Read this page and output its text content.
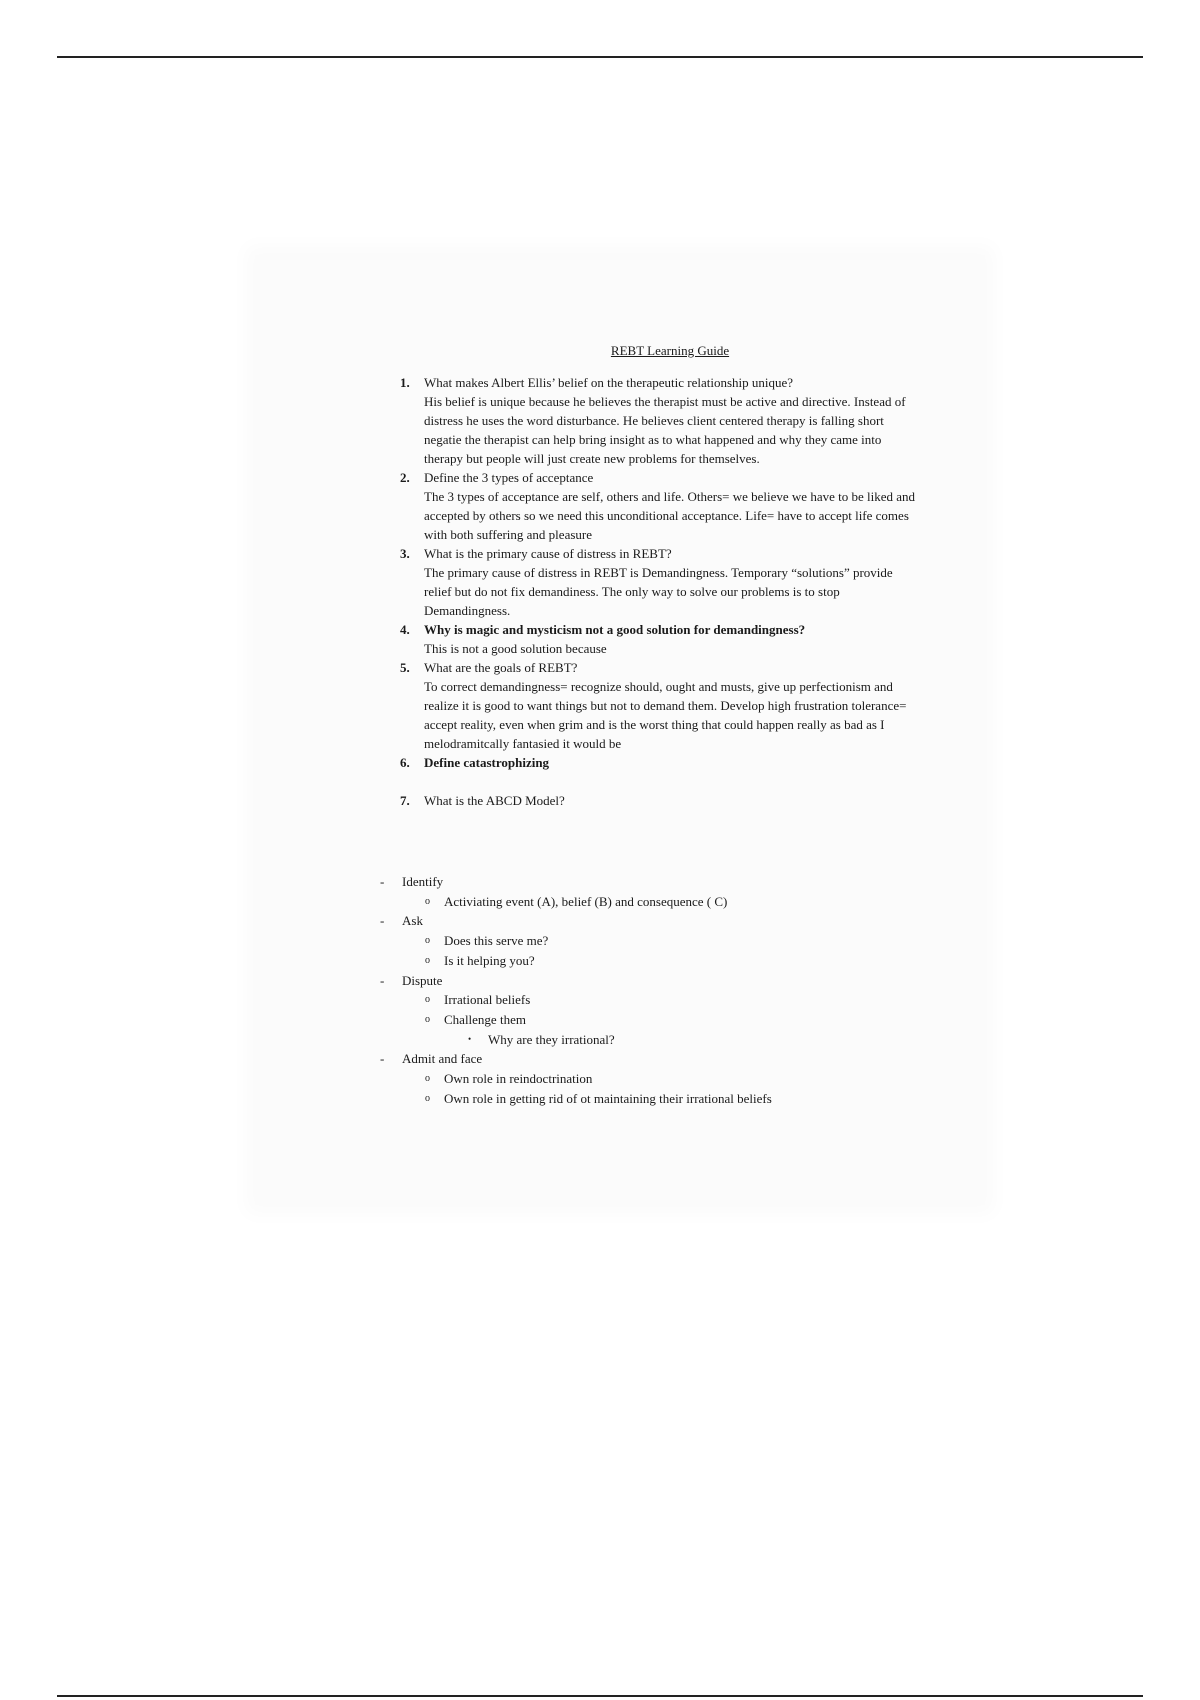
REBT Learning Guide
1. What makes Albert Ellis’ belief on the therapeutic relationship unique?
His belief is unique because he believes the therapist must be active and directive. Instead of distress he uses the word disturbance. He believes client centered therapy is falling short negatie the therapist can help bring insight as to what happened and why they came into therapy but people will just create new problems for themselves.
2. Define the 3 types of acceptance
The 3 types of acceptance are self, others and life. Others= we believe we have to be liked and accepted by others so we need this unconditional acceptance. Life= have to accept life comes with both suffering and pleasure
3. What is the primary cause of distress in REBT?
The primary cause of distress in REBT is Demandingness. Temporary “solutions” provide relief but do not fix demandiness. The only way to solve our problems is to stop Demandingness.
4. Why is magic and mysticism not a good solution for demandingness?
This is not a good solution because
5. What are the goals of REBT?
To correct demandingness= recognize should, ought and musts, give up perfectionism and realize it is good to want things but not to demand them. Develop high frustration tolerance= accept reality, even when grim and is the worst thing that could happen really as bad as I melodramitcally fantasied it would be
6. Define catastrophizing
7. What is the ABCD Model?
- Identify
o Activiating event (A), belief (B) and consequence ( C)
- Ask
o Does this serve me?
o Is it helping you?
- Dispute
o Irrational beliefs
o Challenge them
• Why are they irrational?
- Admit and face
o Own role in reindoctrination
o Own role in getting rid of ot maintaining their irrational beliefs
